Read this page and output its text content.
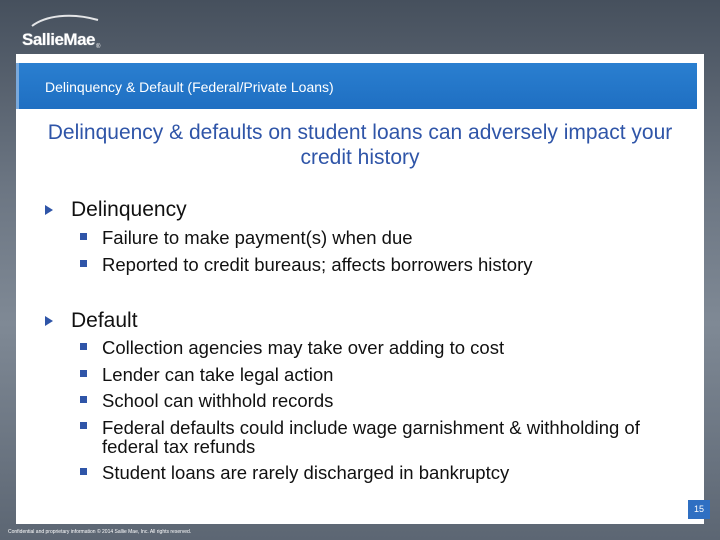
SallieMae ®
Delinquency & Default (Federal/Private Loans)
Delinquency & defaults on student loans can adversely impact your credit history
Delinquency
Failure to make payment(s) when due
Reported to credit bureaus; affects borrowers history
Default
Collection agencies may take over adding to cost
Lender can take legal action
School can withhold records
Federal defaults could include wage garnishment & withholding of federal tax refunds
Student loans are rarely discharged in bankruptcy
15
Confidential and proprietary information © 2014 Sallie Mae, Inc. All rights reserved.
